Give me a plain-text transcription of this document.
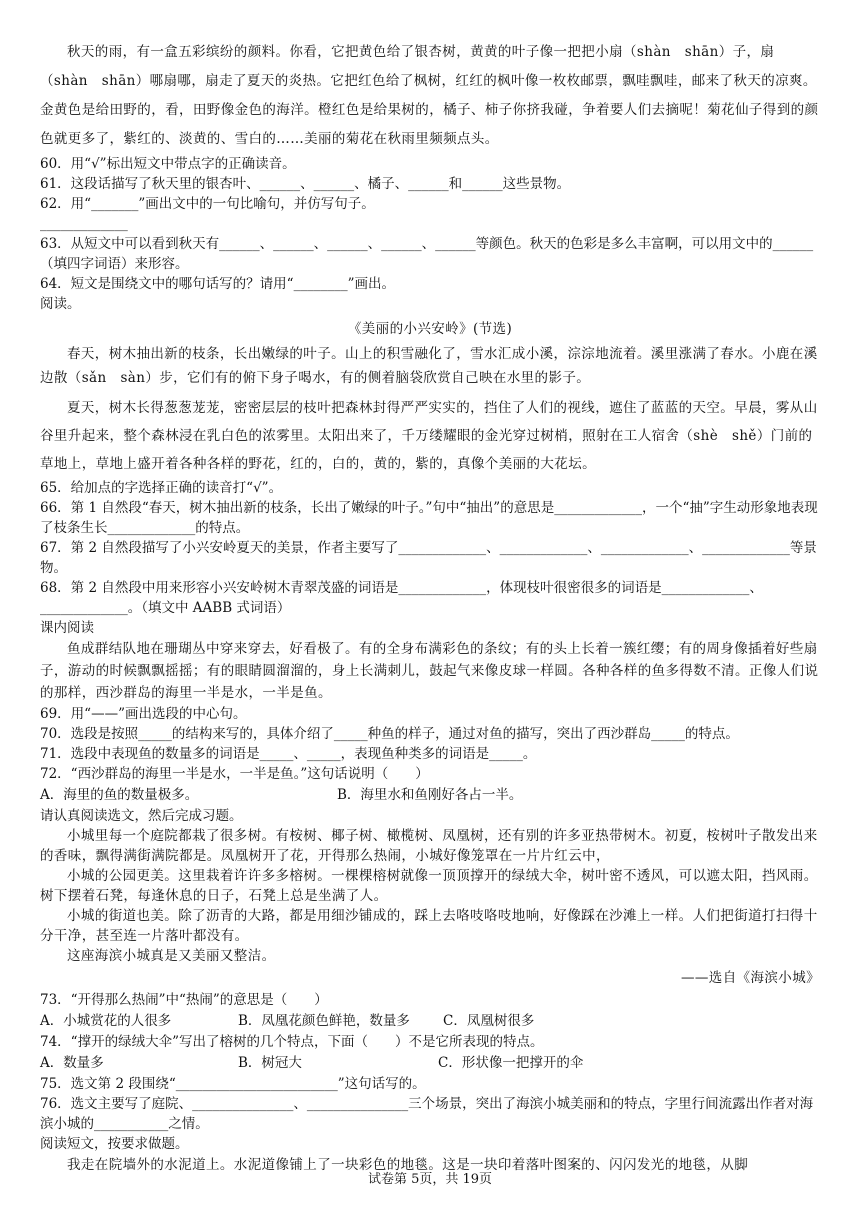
秋天的雨，有一盒五彩缤纷的颜料。你看，它把黄色给了银杏树，黄黄的叶子像一把把小扇（shàn　shān）子，扇（shàn　shān）哪扇哪，扇走了夏天的炎热。它把红色给了枫树，红红的枫叶像一枚枚邮票，飘哇飘哇，邮来了秋天的凉爽。金黄色是给田野的，看，田野像金色的海洋。橙红色是给果树的，橘子、柿子你挤我碰，争着要人们去摘呢！菊花仙子得到的颜色就更多了，紫红的、淡黄的、雪白的……美丽的菊花在秋雨里频频点头。

60．用“√”标出短文中带点字的正确读音。

61．这段话描写了秋天里的银杏叶、______、______、橘子、______和______这些景物。

62．用“_______”画出文中的一句比喻句，并仿写句子。

_____________

63．从短文中可以看到秋天有______、______、______、______、______等颜色。秋天的色彩是多么丰富啊，可以用文中的______（填四字词语）来形容。

64．短文是围绕文中的哪句话写的？请用“________”画出。

阅读。

《美丽的小兴安岭》(节选)

春天，树木抽出新的枝条，长出嫩绿的叶子。山上的积雪融化了，雪水汇成小溪，淙淙地流着。溪里涨满了春水。小鹿在溪边散（sǎn　sàn）步，它们有的俯下身子喝水，有的侧着脑袋欣赏自己映在水里的影子。

夏天，树木长得葱葱茏茏，密密层层的枝叶把森林封得严严实实的，挡住了人们的视线，遮住了蓝蓝的天空。早晨，雾从山谷里升起来，整个森林浸在乳白色的浓雾里。太阳出来了，千万缕耀眼的金光穿过树梢，照射在工人宿舍（shè　shě）门前的草地上，草地上盛开着各种各样的野花，红的，白的，黄的，紫的，真像个美丽的大花坛。

65．给加点的字选择正确的读音打“√”。

66．第 1 自然段“春天，树木抽出新的枝条，长出了嫩绿的叶子。”句中“抽出”的意思是_____________，一个“抽”字生动形象地表现了枝条生长_____________的特点。

67．第 2 自然段描写了小兴安岭夏天的美景，作者主要写了_____________、_____________、_____________、_____________等景物。

68．第 2 自然段中用来形容小兴安岭树木青翠茂盛的词语是_____________，体现枝叶很密很多的词语是_____________、_____________。（填文中 AABB 式词语）

课内阅读

鱼成群结队地在珊瑚丛中穿来穿去，好看极了。有的全身布满彩色的条纹；有的头上长着一簇红缨；有的周身像插着好些扇子，游动的时候飘飘摇摇；有的眼睛圆溜溜的，身上长满刺儿，鼓起气来像皮球一样圆。各种各样的鱼多得数不清。正像人们说的那样，西沙群岛的海里一半是水，一半是鱼。

69．用“——”画出选段的中心句。

70．选段是按照_____的结构来写的，具体介绍了_____种鱼的样子，通过对鱼的描写，突出了西沙群岛_____的特点。

71．选段中表现鱼的数量多的词语是_____、_____，表现鱼种类多的词语是_____。

72．“西沙群岛的海里一半是水，一半是鱼。”这句话说明（　　）

A．海里的鱼的数量极多。	B．海里水和鱼刚好各占一半。

请认真阅读选文，然后完成习题。

小城里每一个庭院都栽了很多树。有桉树、椰子树、橄榄树、凤凰树，还有别的许多亚热带树木。初夏，桉树叶子散发出来的香味，飘得满街满院都是。凤凰树开了花，开得那么热闹，小城好像笼罩在一片片红云中，

小城的公园更美。这里栽着许许多多榕树。一棵棵榕树就像一顶顶撑开的绿绒大伞，树叶密不透风，可以遮太阳，挡风雨。树下摆着石凳，每逢休息的日子，石凳上总是坐满了人。

小城的街道也美。除了沥青的大路，都是用细沙铺成的，踩上去咯吱咯吱地响，好像踩在沙滩上一样。人们把街道打扫得十分干净，甚至连一片落叶都没有。

这座海滨小城真是又美丽又整洁。

——选自《海滨小城》

73．“开得那么热闹”中“热闹”的意思是（　　）

A．小城赏花的人很多	B．凤凰花颜色鲜艳，数量多	C．凤凰树很多

74．“撑开的绿绒大伞”写出了榕树的几个特点，下面（　　）不是它所表现的特点。

A．数量多	B．树冠大	C．形状像一把撑开的伞

75．选文第 2 段围绕“________________________”这句话写的。

76．选文主要写了庭院、_______________、_______________三个场景，突出了海滨小城美丽和的特点，字里行间流露出作者对海滨小城的___________之情。

阅读短文，按要求做题。

我走在院墙外的水泥道上。水泥道像铺上了一块彩色的地毯。这是一块印着落叶图案的、闪闪发光的地毯，从脚

试卷第 5页，共 19页
